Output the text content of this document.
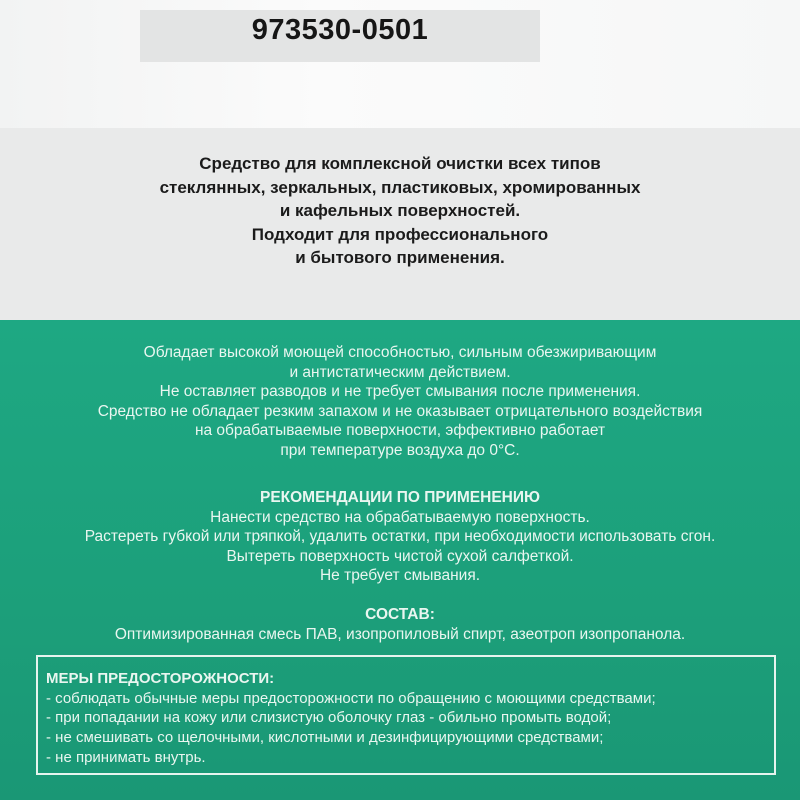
973530-0501
Средство для комплексной очистки всех типов
стеклянных, зеркальных, пластиковых, хромированных
и кафельных поверхностей.
Подходит для профессионального
и бытового применения.
Обладает высокой моющей способностью, сильным обезжиривающим
и антистатическим действием.
Не оставляет разводов и не требует смывания после применения.
Средство не обладает резким запахом и не оказывает отрицательного воздействия
на обрабатываемые поверхности, эффективно работает
при температуре воздуха до 0°С.
РЕКОМЕНДАЦИИ ПО ПРИМЕНЕНИЮ
Нанести средство на обрабатываемую поверхность.
Растереть губкой или тряпкой, удалить остатки, при необходимости использовать сгон.
Вытереть поверхность чистой сухой салфеткой.
Не требует смывания.
СОСТАВ:
Оптимизированная смесь ПАВ, изопропиловый спирт, азеотроп изопропанола.
МЕРЫ ПРЕДОСТОРОЖНОСТИ:
- соблюдать обычные меры предосторожности по обращению с моющими средствами;
- при попадании на кожу или слизистую оболочку глаз - обильно промыть водой;
- не смешивать со щелочными, кислотными и дезинфицирующими средствами;
- не принимать внутрь.
